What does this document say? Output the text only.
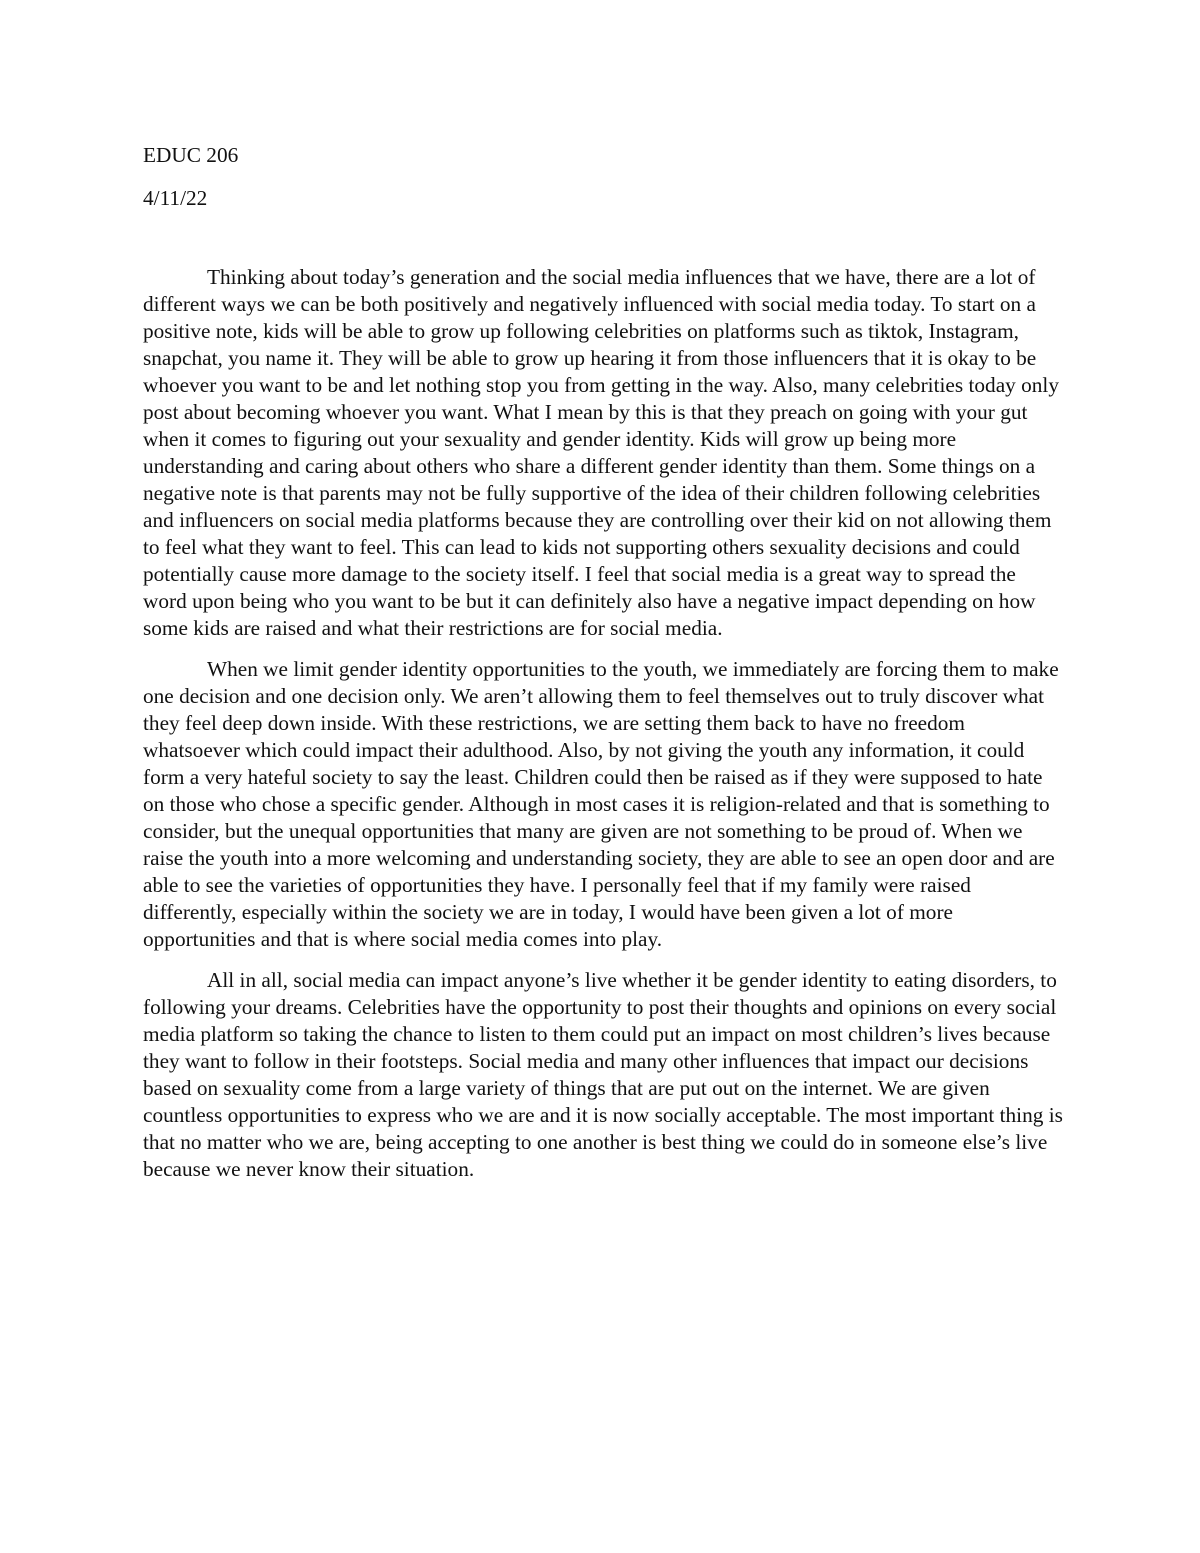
EDUC 206
4/11/22

Thinking about today’s generation and the social media influences that we have, there are a lot of different ways we can be both positively and negatively influenced with social media today. To start on a positive note, kids will be able to grow up following celebrities on platforms such as tiktok, Instagram, snapchat, you name it. They will be able to grow up hearing it from those influencers that it is okay to be whoever you want to be and let nothing stop you from getting in the way. Also, many celebrities today only post about becoming whoever you want. What I mean by this is that they preach on going with your gut when it comes to figuring out your sexuality and gender identity. Kids will grow up being more understanding and caring about others who share a different gender identity than them. Some things on a negative note is that parents may not be fully supportive of the idea of their children following celebrities and influencers on social media platforms because they are controlling over their kid on not allowing them to feel what they want to feel. This can lead to kids not supporting others sexuality decisions and could potentially cause more damage to the society itself. I feel that social media is a great way to spread the word upon being who you want to be but it can definitely also have a negative impact depending on how some kids are raised and what their restrictions are for social media.

When we limit gender identity opportunities to the youth, we immediately are forcing them to make one decision and one decision only. We aren’t allowing them to feel themselves out to truly discover what they feel deep down inside. With these restrictions, we are setting them back to have no freedom whatsoever which could impact their adulthood. Also, by not giving the youth any information, it could form a very hateful society to say the least. Children could then be raised as if they were supposed to hate on those who chose a specific gender. Although in most cases it is religion-related and that is something to consider, but the unequal opportunities that many are given are not something to be proud of. When we raise the youth into a more welcoming and understanding society, they are able to see an open door and are able to see the varieties of opportunities they have. I personally feel that if my family were raised differently, especially within the society we are in today, I would have been given a lot of more opportunities and that is where social media comes into play.

All in all, social media can impact anyone’s live whether it be gender identity to eating disorders, to following your dreams. Celebrities have the opportunity to post their thoughts and opinions on every social media platform so taking the chance to listen to them could put an impact on most children’s lives because they want to follow in their footsteps. Social media and many other influences that impact our decisions based on sexuality come from a large variety of things that are put out on the internet. We are given countless opportunities to express who we are and it is now socially acceptable. The most important thing is that no matter who we are, being accepting to one another is best thing we could do in someone else’s live because we never know their situation.
